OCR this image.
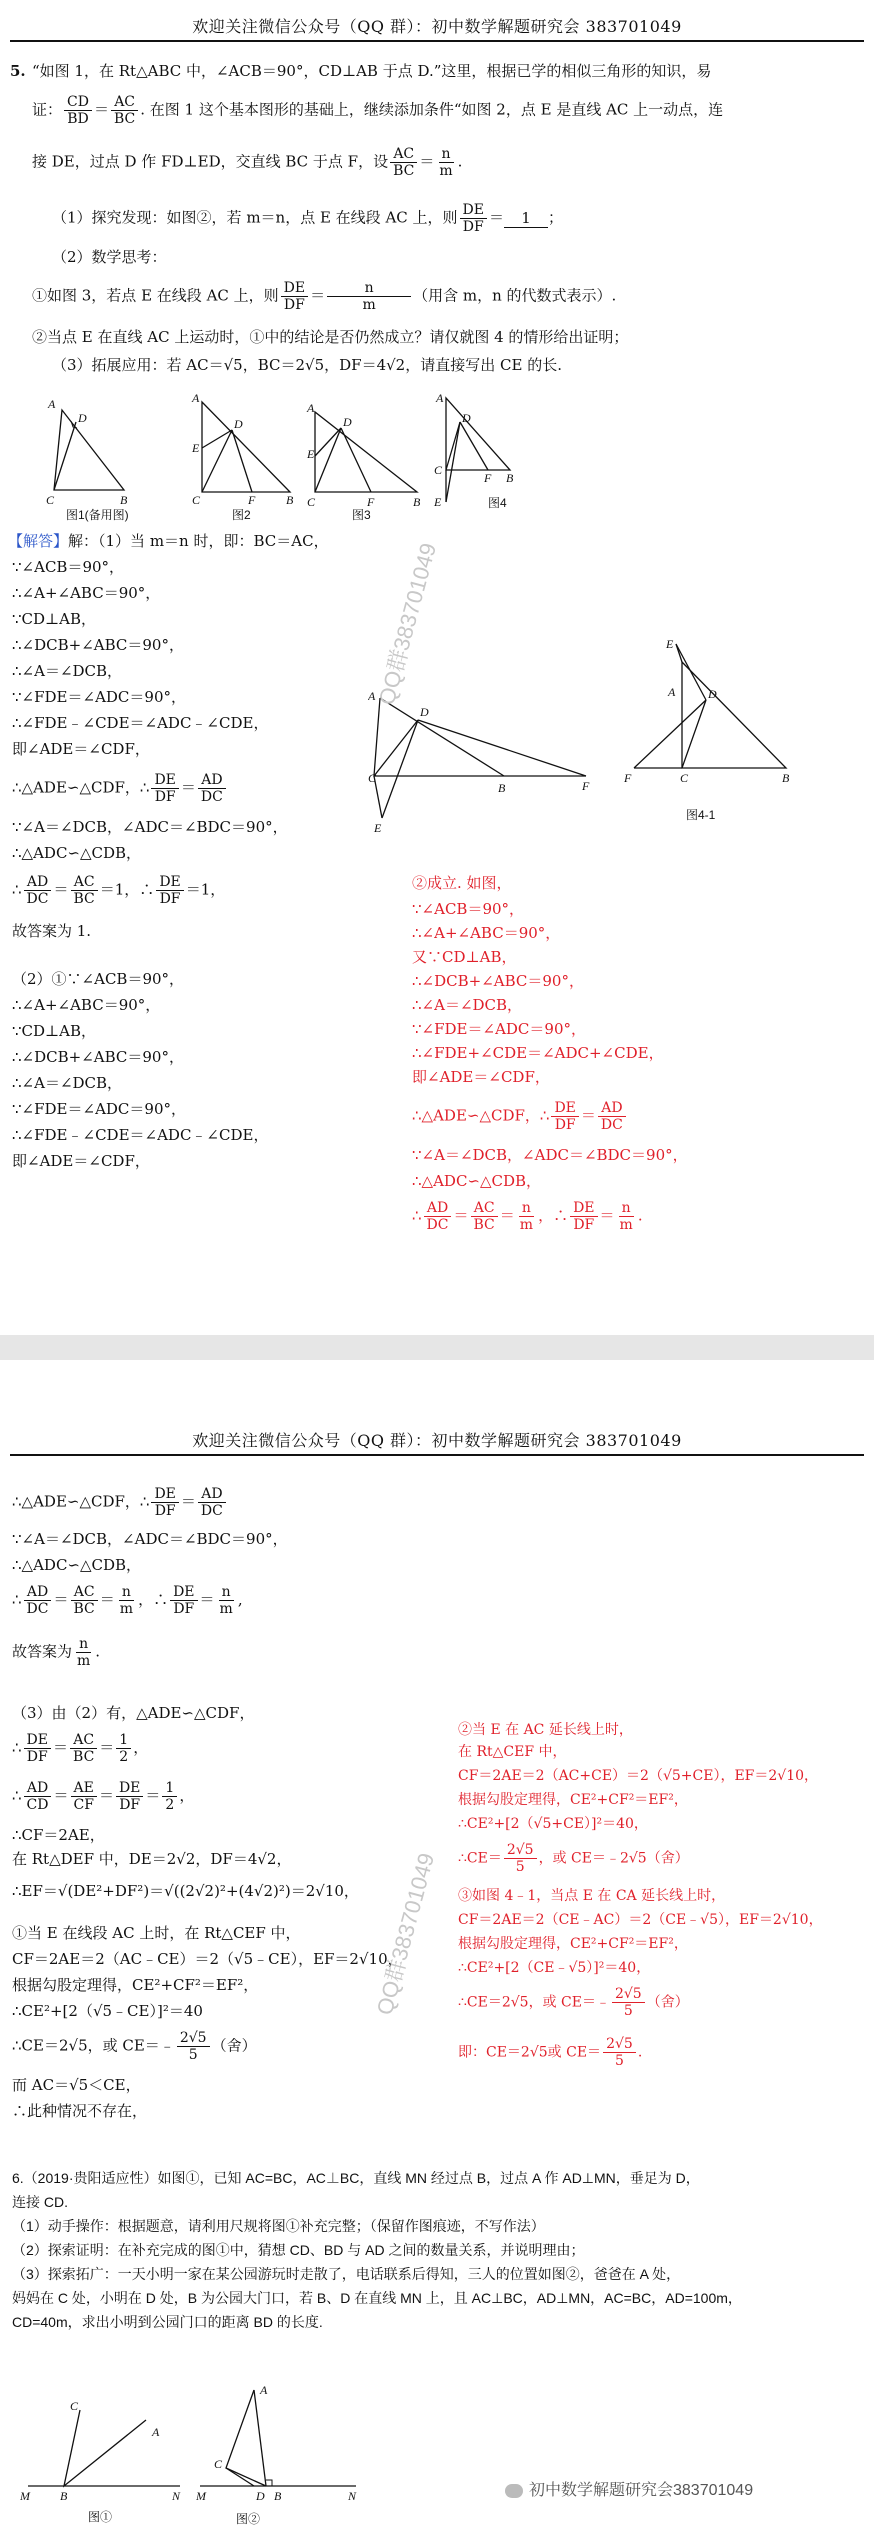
欢迎关注微信公众号（QQ 群）：初中数学解题研究会 383701049
5. “如图 1，在 Rt△ABC 中，∠ACB＝90°，CD⊥AB 于点 D.”这里，根据已学的相似三角形的知识，易
证： $\frac{CD}{BD} = \frac{AC}{BC}$ . 在图 1 这个基本图形的基础上，继续添加条件“如图 2，点 E 是直线 AC 上一动点，连
接 DE，过点 D 作 FD⊥ED，交直线 BC 于点 F，设 $\frac{AC}{BC} = \frac{n}{m}$ .
（1）探究发现：如图②，若 m＝n，点 E 在线段 AC 上，则 $\frac{DE}{DF} = 1$ ；
（2）数学思考：
①如图 3，若点 E 在线段 AC 上，则 $\frac{DE}{DF} = \frac{n}{m}$ （用含 m，n 的代数式表示）.
②当点 E 在直线 AC 上运动时，①中的结论是否仍然成立？请仅就图 4 的情形给出证明；
（3）拓展应用：若 AC＝√5，BC＝2√5，DF＝4√2，请直接写出 CE 的长.
A
D
C	B
图1(备用图)
A
D
E
C	F	B
图2
A
D
E
C	F	B
图3
A
D
C
F B
E	图4
【解答】解：（1）当 m＝n 时，即：BC＝AC，
∵∠ACB＝90°，
∴∠A+∠ABC＝90°，
∵CD⊥AB，
∴∠DCB+∠ABC＝90°，
∴∠A＝∠DCB，
∵∠FDE＝∠ADC＝90°，
∴∠FDE﹣∠CDE＝∠ADC﹣∠CDE，
即∠ADE＝∠CDF，
∴△ADE∽△CDF，∴ $\frac{DE}{DF} = \frac{AD}{DC}$
∵∠A＝∠DCB，∠ADC＝∠BDC＝90°，
∴△ADC∽△CDB，
∴ $\frac{AD}{DC} = \frac{AC}{BC} =1$，∴ $\frac{DE}{DF} =1$，
故答案为 1.
（2）①∵∠ACB＝90°，
∴∠A+∠ABC＝90°，
∵CD⊥AB，
∴∠DCB+∠ABC＝90°，
∴∠A＝∠DCB，
∵∠FDE＝∠ADC＝90°，
∴∠FDE﹣∠CDE＝∠ADC﹣∠CDE，
即∠ADE＝∠CDF，
A
D
C
B	F
E
QQ群383701049	E
A	D
F	C	B
图4-1
②成立. 如图，
∵∠ACB＝90°，
∴∠A+∠ABC＝90°，
又∵CD⊥AB，
∴∠DCB+∠ABC＝90°，
∴∠A＝∠DCB，
∵∠FDE＝∠ADC＝90°，
∴∠FDE+∠CDE＝∠ADC+∠CDE，
即∠ADE＝∠CDF，
∴△ADE∽△CDF，∴ $\frac{DE}{DF} = \frac{AD}{DC}$
∵∠A＝∠DCB，∠ADC＝∠BDC＝90°，
∴△ADC∽△CDB，
∴ $\frac{AD}{DC} = \frac{AC}{BC} = \frac{n}{m}$ ，∴ $\frac{DE}{DF} = \frac{n}{m}$ .
欢迎关注微信公众号（QQ 群）：初中数学解题研究会 383701049
∴△ADE∽△CDF，∴ $\frac{DE}{DF} = \frac{AD}{DC}$
∵∠A＝∠DCB，∠ADC＝∠BDC＝90°，
∴△ADC∽△CDB，
∴ $\frac{AD}{DC} = \frac{AC}{BC} = \frac{n}{m}$ ，∴ $\frac{DE}{DF} = \frac{n}{m}$ ,
故答案为 $\frac{n}{m}$ .
（3）由（2）有，△ADE∽△CDF，
∴ $\frac{DE}{DF} = \frac{AC}{BC} = \frac{1}{2}$ ，
∴ $\frac{AD}{CD} = \frac{AE}{CF} = \frac{DE}{DF} = \frac{1}{2}$ ，
∴CF＝2AE，
在 Rt△DEF 中，DE＝2√2，DF＝4√2，
∴EF＝√(DE²+DF²)＝√((2√2)²+(4√2)²)＝2√10，
①当 E 在线段 AC 上时，在 Rt△CEF 中，
CF＝2AE＝2（AC﹣CE）＝2（√5﹣CE），EF＝2√10，
根据勾股定理得，CE²+CF²＝EF²，
∴CE²+[2（√5﹣CE）]²＝40
∴CE＝2√5，或 CE＝﹣ $\frac{2√5}{5}$ （舍）
而 AC＝√5＜CE，
∴此种情况不存在，
QQ群383701049
②当 E 在 AC 延长线上时，
在 Rt△CEF 中，
CF＝2AE＝2（AC+CE）＝2（√5+CE），EF＝2√10，
根据勾股定理得，CE²+CF²＝EF²，
∴CE²+[2（√5+CE）]²＝40，
∴CE＝ $\frac{2√5}{5}$ ，或 CE＝﹣2√5（舍）
③如图 4﹣1，当点 E 在 CA 延长线上时，
CF＝2AE＝2（CE﹣AC）＝2（CE﹣√5），EF＝2√10，
根据勾股定理得，CE²+CF²＝EF²，
∴CE²+[2（CE﹣√5）]²＝40，
∴CE＝2√5，或 CE＝﹣ $\frac{2√5}{5}$ （舍）
即：CE＝2√5或 $CE= \frac{2√5}{5}$ .
6.（2019·贵阳适应性）如图①，已知 AC=BC，AC⊥BC，直线 MN 经过点 B，过点 A 作 AD⊥MN，垂足为 D，
连接 CD.
（1）动手操作：根据题意，请利用尺规将图①补充完整；（保留作图痕迹，不写作法）
（2）探索证明：在补充完成的图①中，猜想 CD、BD 与 AD 之间的数量关系，并说明理由；
（3）探索拓广：一天小明一家在某公园游玩时走散了，电话联系后得知，三人的位置如图②，爸爸在 A 处，
妈妈在 C 处，小明在 D 处，B 为公园大门口，若 B、D 在直线 MN 上，且 AC⊥BC，AD⊥MN，AC=BC，AD=100m，
CD=40m，求出小明到公园门口的距离 BD 的长度.
C
A
M	B	N
图①
A
C
M	D B	N
图②
初中数学解题研究会383701049
